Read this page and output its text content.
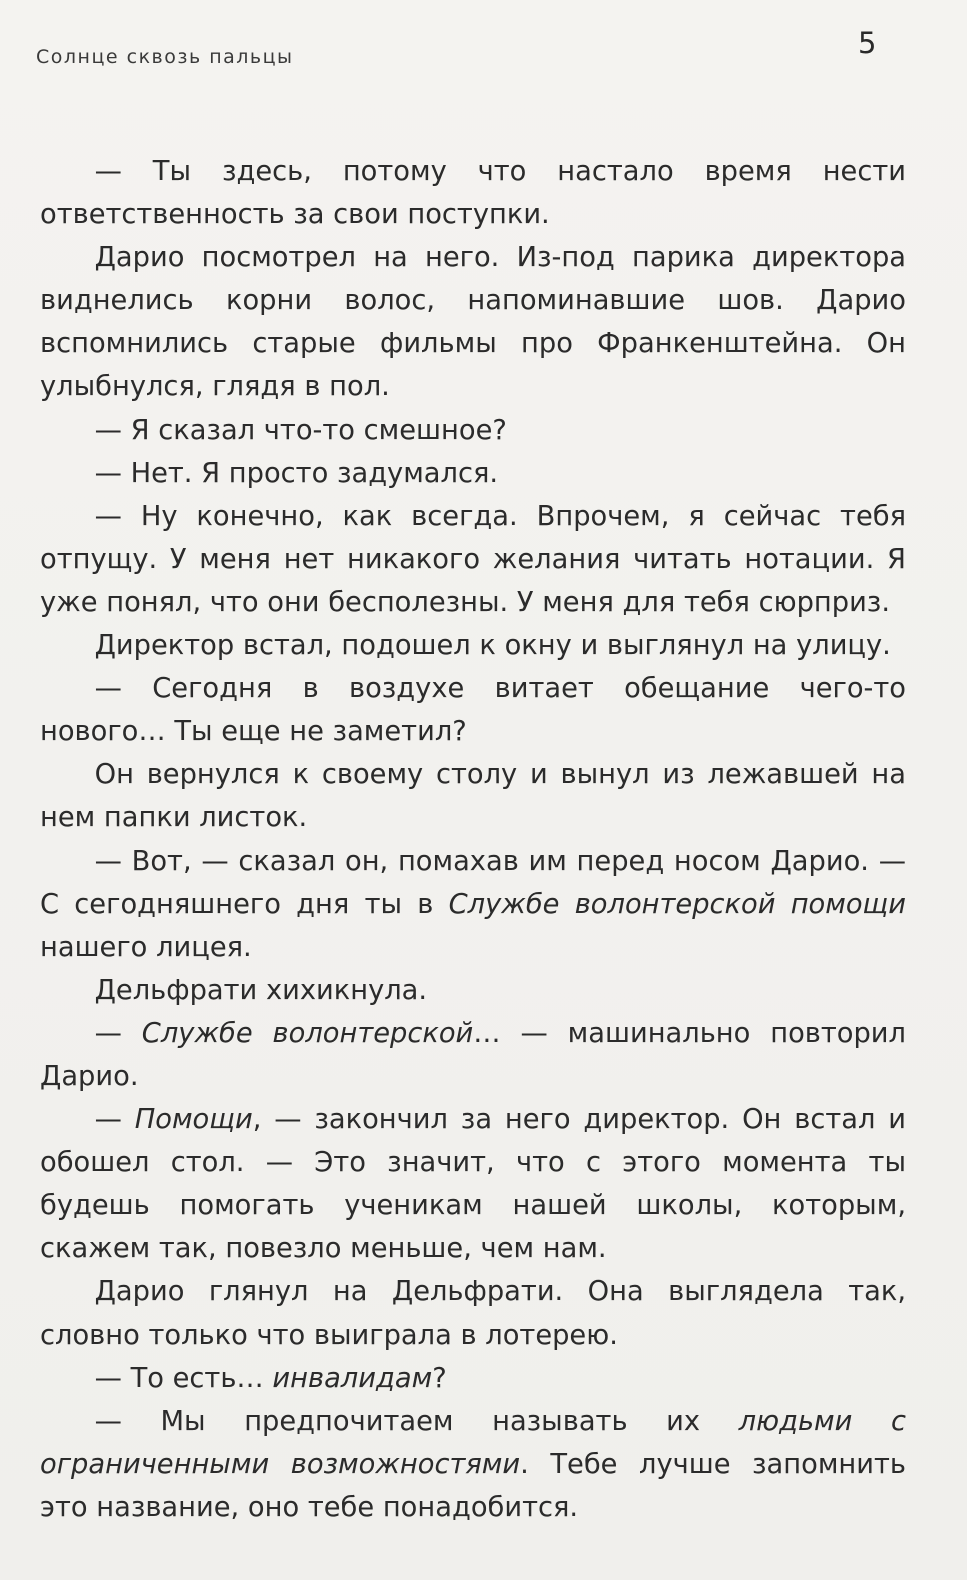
Солнце сквозь пальцы	5

— Ты здесь, потому что настало время нести ответственность за свои поступки.

Дарио посмотрел на него. Из-под парика директора виднелись корни волос, напоминавшие шов. Дарио вспомнились старые фильмы про Франкенштейна. Он улыбнулся, глядя в пол.

— Я сказал что-то смешное?

— Нет. Я просто задумался.

— Ну конечно, как всегда. Впрочем, я сейчас тебя отпущу. У меня нет никакого желания читать нотации. Я уже понял, что они бесполезны. У меня для тебя сюрприз.

Директор встал, подошел к окну и выглянул на улицу.

— Сегодня в воздухе витает обещание чего-то нового… Ты еще не заметил?

Он вернулся к своему столу и вынул из лежавшей на нем папки листок.

— Вот, — сказал он, помахав им перед носом Дарио. — С сегодняшнего дня ты в Службе волонтерской помощи нашего лицея.

Дельфрати хихикнула.

— Службе волонтерской… — машинально повторил Дарио.

— Помощи, — закончил за него директор. Он встал и обошел стол. — Это значит, что с этого момента ты будешь помогать ученикам нашей школы, которым, скажем так, повезло меньше, чем нам.

Дарио глянул на Дельфрати. Она выглядела так, словно только что выиграла в лотерею.

— То есть… инвалидам?

— Мы предпочитаем называть их людьми с ограниченными возможностями. Тебе лучше запомнить это название, оно тебе понадобится.
